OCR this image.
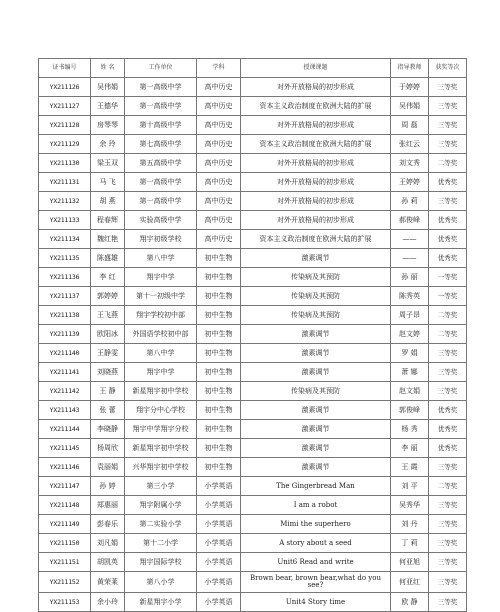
证书编号	姓 名	工作单位	学科	授课课题	指导教师	获奖等次
YX211126	吴伟娟	第一高级中学	高中历史	对外开放格局的初步形成	于婷婷	三等奖
YX211127	王德华	第一高级中学	高中历史	资本主义政治制度在欧洲大陆的扩展	吴伟娟	三等奖
YX211128	房琴琴	第十高级中学	高中历史	对外开放格局的初步形成	周 磊	三等奖
YX211129	余 玲	第七高级中学	高中历史	资本主义政治制度在欧洲大陆的扩展	张红云	三等奖
YX211130	梁玉双	第五高级中学	高中历史	对外开放格局的初步形成	刘文秀	二等奖
YX211131	马 飞	第一高级中学	高中历史	对外开放格局的初步形成	王婷婷	优秀奖
YX211132	胡 燕	第一高级中学	高中历史	对外开放格局的初步形成	孙 莉	三等奖
YX211133	程春辉	实验高级中学	高中历史	对外开放格局的初步形成	郝俊峰	优秀奖
YX211134	魏红艳	翔宇初级学校	高中历史	资本主义政治制度在欧洲大陆的扩展	——	优秀奖
YX211135	陈盛雄	第八中学	初中生物	激素调节	——	优秀奖
YX211136	李 红	翔宇中学	初中生物	传染病及其预防	孙 丽	一等奖
YX211137	郭婷婷	第十一初级中学	初中生物	传染病及其预防	陈秀英	一等奖
YX211138	王飞燕	翔宇学校初中部	初中生物	传染病及其预防	周子昂	二等奖
YX211139	欧阳冰	外国语学校初中部	初中生物	激素调节	赵文婷	二等奖
YX211140	王静雯	第八中学	初中生物	激素调节	罗 娟	三等奖
YX211141	刘晓燕	翔宇中学	初中生物	激素调节	萧 娜	三等奖
YX211142	王 静	新星翔宇初中学校	初中生物	传染病及其预防	赵文娟	三等奖
YX211143	张 蕾	翔宇分中心学校	初中生物	激素调节	郭俊峰	优秀奖
YX211144	李晓静	翔宇中学翔宇分校	初中生物	激素调节	杨 秀	优秀奖
YX211145	杨周欣	新星翔宇初中学校	初中生物	激素调节	李 丽	优秀奖
YX211146	袁丽娟	兴华翔宇初中学校	初中生物	激素调节	王 霞	三等奖
YX211147	孙 婷	第三小学	小学英语	The Gingerbread Man	刘 平	二等奖
YX211148	郑惠丽	翔宇附属小学	小学英语	I am a robot	吴秀华	三等奖
YX211149	彭春乐	第二实验小学	小学英语	Mimi the superhero	刘 丹	三等奖
YX211150	刘凡娟	第十二小学	小学英语	A story about a seed	丁 莉	三等奖
YX211151	胡凯英	翔宇国际学校	小学英语	Unit6 Read and write	何亚旭	三等奖
YX211152	黄荣莱	第八小学	小学英语	Brown bear, brown bear,what do you see?	何亚红	三等奖
YX211153	余小玲	新星翔宇小学	小学英语	Unit4 Story time	欧 静	三等奖
